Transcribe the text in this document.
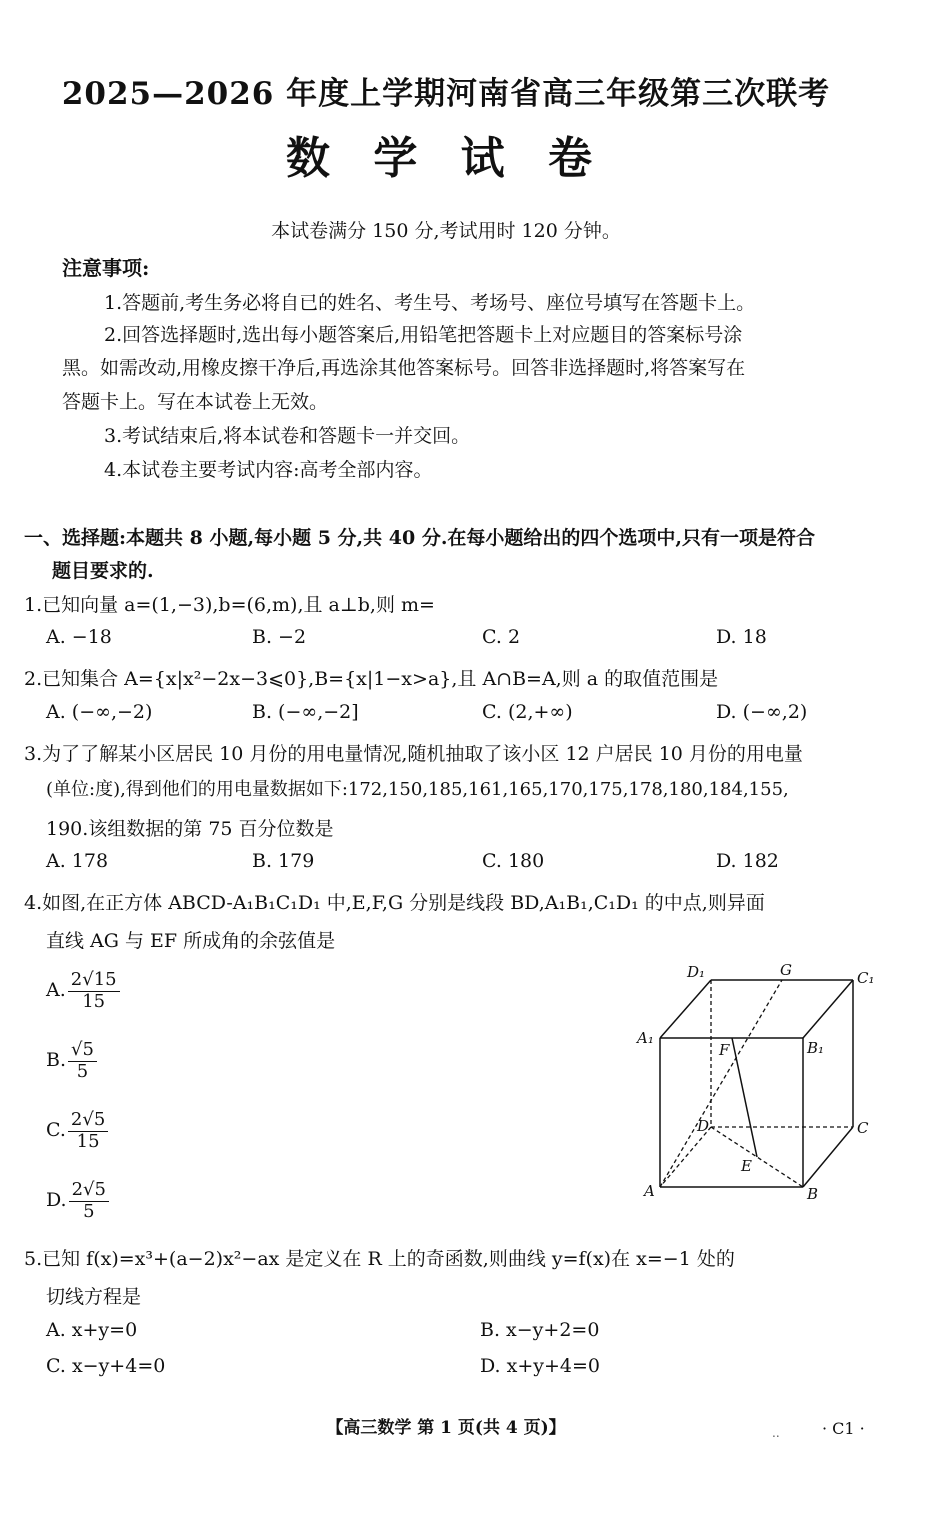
2025—2026 年度上学期河南省高三年级第三次联考
数 学 试 卷
本试卷满分 150 分,考试用时 120 分钟。
注意事项:
1.答题前,考生务必将自已的姓名、考生号、考场号、座位号填写在答题卡上。
2.回答选择题时,选出每小题答案后,用铅笔把答题卡上对应题目的答案标号涂
黑。如需改动,用橡皮擦干净后,再选涂其他答案标号。回答非选择题时,将答案写在
答题卡上。写在本试卷上无效。
3.考试结束后,将本试卷和答题卡一并交回。
4.本试卷主要考试内容:高考全部内容。
一、选择题:本题共 8 小题,每小题 5 分,共 40 分.在每小题给出的四个选项中,只有一项是符合
题目要求的.
1.已知向量 a=(1,−3),b=(6,m),且 a⊥b,则 m=
A. −18	B. −2	C. 2	D. 18
2.已知集合 A={x|x²−2x−3⩽0},B={x|1−x>a},且 A∩B=A,则 a 的取值范围是
A. (−∞,−2)	B. (−∞,−2]	C. (2,+∞)	D. (−∞,2)
3.为了了解某小区居民 10 月份的用电量情况,随机抽取了该小区 12 户居民 10 月份的用电量
(单位:度),得到他们的用电量数据如下:172,150,185,161,165,170,175,178,180,184,155,
190.该组数据的第 75 百分位数是
A. 178	B. 179	C. 180	D. 182
4.如图,在正方体 ABCD-A₁B₁C₁D₁ 中,E,F,G 分别是线段 BD,A₁B₁,C₁D₁ 的中点,则异面
直线 AG 与 EF 所成角的余弦值是
A. $\frac{2√15}{15}$
B. $\frac{√5}{5}$
C. $\frac{2√5}{15}$
D. $\frac{2√5}{5}$
D₁	G	C₁
A₁
F	B₁
D	C
E
A	B
5.已知 f(x)=x³+(a−2)x²−ax 是定义在 R 上的奇函数,则曲线 y=f(x)在 x=−1 处的
切线方程是
A. x+y=0	B. x−y+2=0
C. x−y+4=0	D. x+y+4=0
【高三数学 第 1 页(共 4 页)】	..	· C1 ·
